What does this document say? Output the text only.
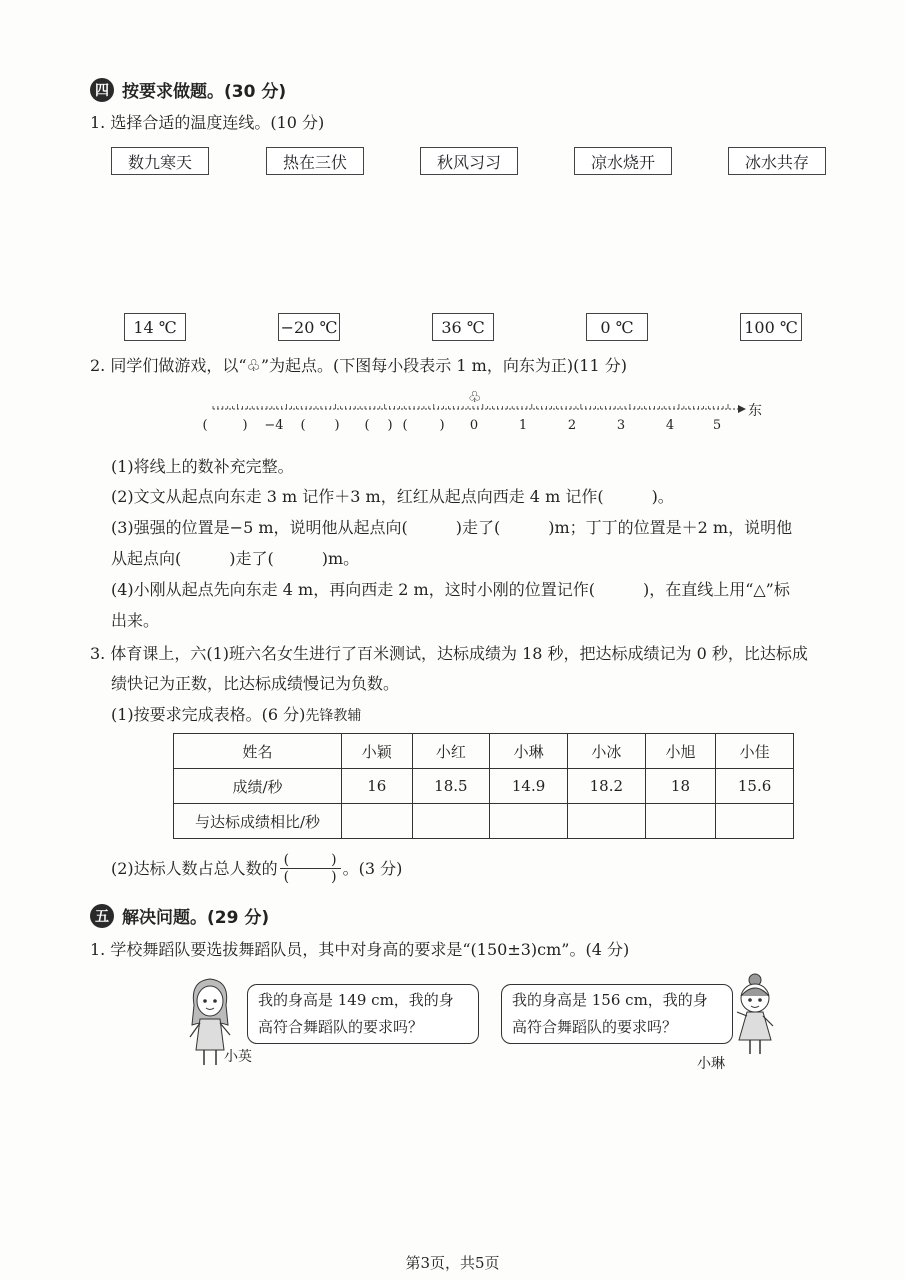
四 按要求做题。(30 分)
1. 选择合适的温度连线。(10 分)
数九寒天	热在三伏	秋风习习	凉水烧开	冰水共存
14 ℃	−20 ℃	36 ℃	0 ℃	100 ℃
2. 同学们做游戏，以“♧”为起点。(下图每小段表示 1 m，向东为正)(11 分)
(	) −4 ( ) ( ) ( ) 0	1	2	3	4	5
♧
东
(1)将线上的数补充完整。
(2)文文从起点向东走 3 m 记作＋3 m，红红从起点向西走 4 m 记作(　　　)。
(3)强强的位置是−5 m，说明他从起点向(　　　)走了(　　　)m；丁丁的位置是＋2 m，说明他
从起点向(　　　)走了(　　　)m。
(4)小刚从起点先向东走 4 m，再向西走 2 m，这时小刚的位置记作(　　　)，在直线上用“△”标
出来。
3. 体育课上，六(1)班六名女生进行了百米测试，达标成绩为 18 秒，把达标成绩记为 0 秒，比达标成
绩快记为正数，比达标成绩慢记为负数。
(1)按要求完成表格。(6 分)先锋教辅
姓名	小颖	小红	小琳	小冰	小旭	小佳
成绩/秒	16	18.5	14.9	18.2	18	15.6
与达标成绩相比/秒						
(2)达标人数占总人数的 $\frac{( )}{( )}$ 。(3 分)
五 解决问题。(29 分)
1. 学校舞蹈队要选拔舞蹈队员，其中对身高的要求是“(150±3)cm”。(4 分)
小英
我的身高是 149 cm，我的身
高符合舞蹈队的要求吗？
我的身高是 156 cm，我的身
高符合舞蹈队的要求吗？
小琳
第3页，共5页
